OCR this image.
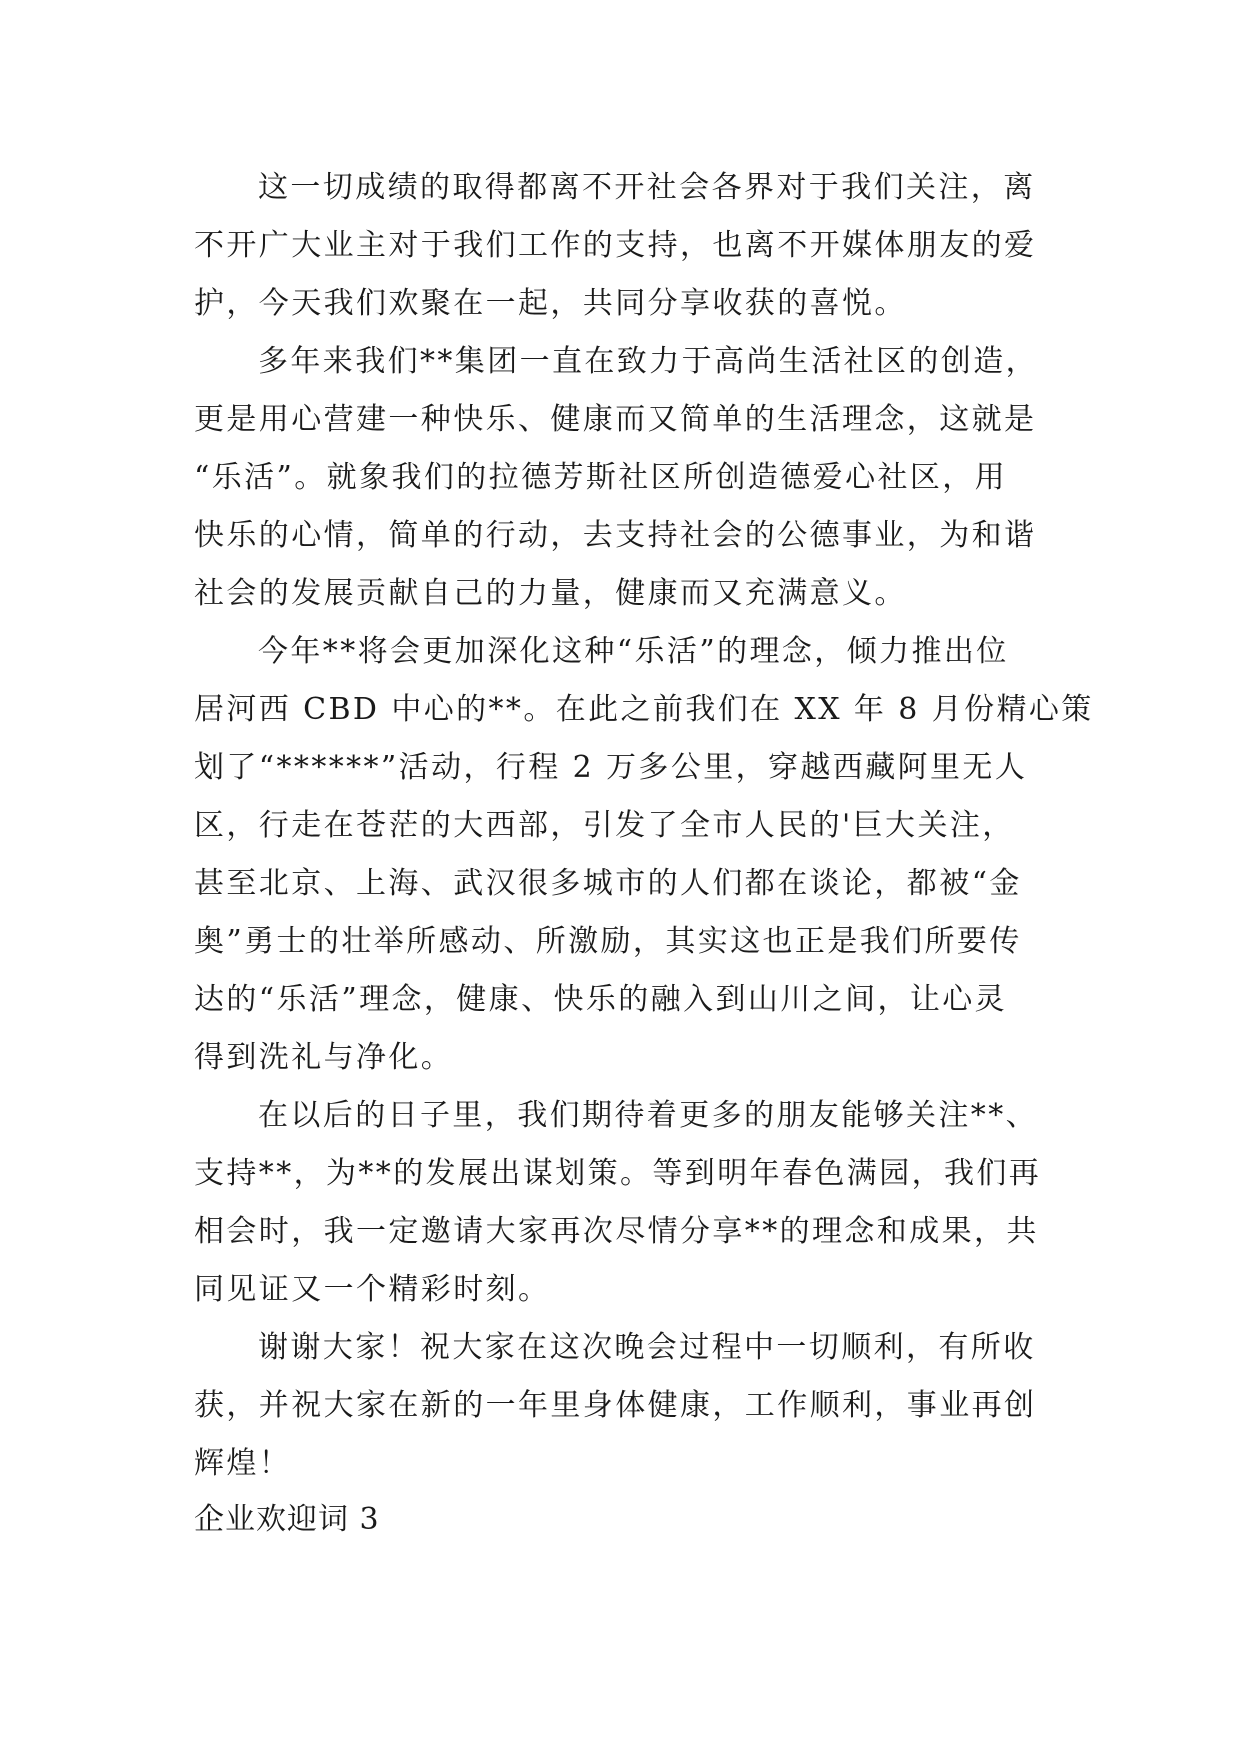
这一切成绩的取得都离不开社会各界对于我们关注，离
不开广大业主对于我们工作的支持，也离不开媒体朋友的爱
护，今天我们欢聚在一起，共同分享收获的喜悦。
多年来我们**集团一直在致力于高尚生活社区的创造，
更是用心营建一种快乐、健康而又简单的生活理念，这就是
“乐活”。就象我们的拉德芳斯社区所创造德爱心社区，用
快乐的心情，简单的行动，去支持社会的公德事业，为和谐
社会的发展贡献自己的力量，健康而又充满意义。
今年**将会更加深化这种“乐活”的理念，倾力推出位
居河西 CBD 中心的**。在此之前我们在 XX 年 8 月份精心策
划了“******”活动，行程 2 万多公里，穿越西藏阿里无人
区，行走在苍茫的大西部，引发了全市人民的'巨大关注，
甚至北京、上海、武汉很多城市的人们都在谈论，都被“金
奥”勇士的壮举所感动、所激励，其实这也正是我们所要传
达的“乐活”理念，健康、快乐的融入到山川之间，让心灵
得到洗礼与净化。
在以后的日子里，我们期待着更多的朋友能够关注**、
支持**，为**的发展出谋划策。等到明年春色满园，我们再
相会时，我一定邀请大家再次尽情分享**的理念和成果，共
同见证又一个精彩时刻。
谢谢大家！祝大家在这次晚会过程中一切顺利，有所收
获，并祝大家在新的一年里身体健康，工作顺利，事业再创
辉煌！
企业欢迎词 3
